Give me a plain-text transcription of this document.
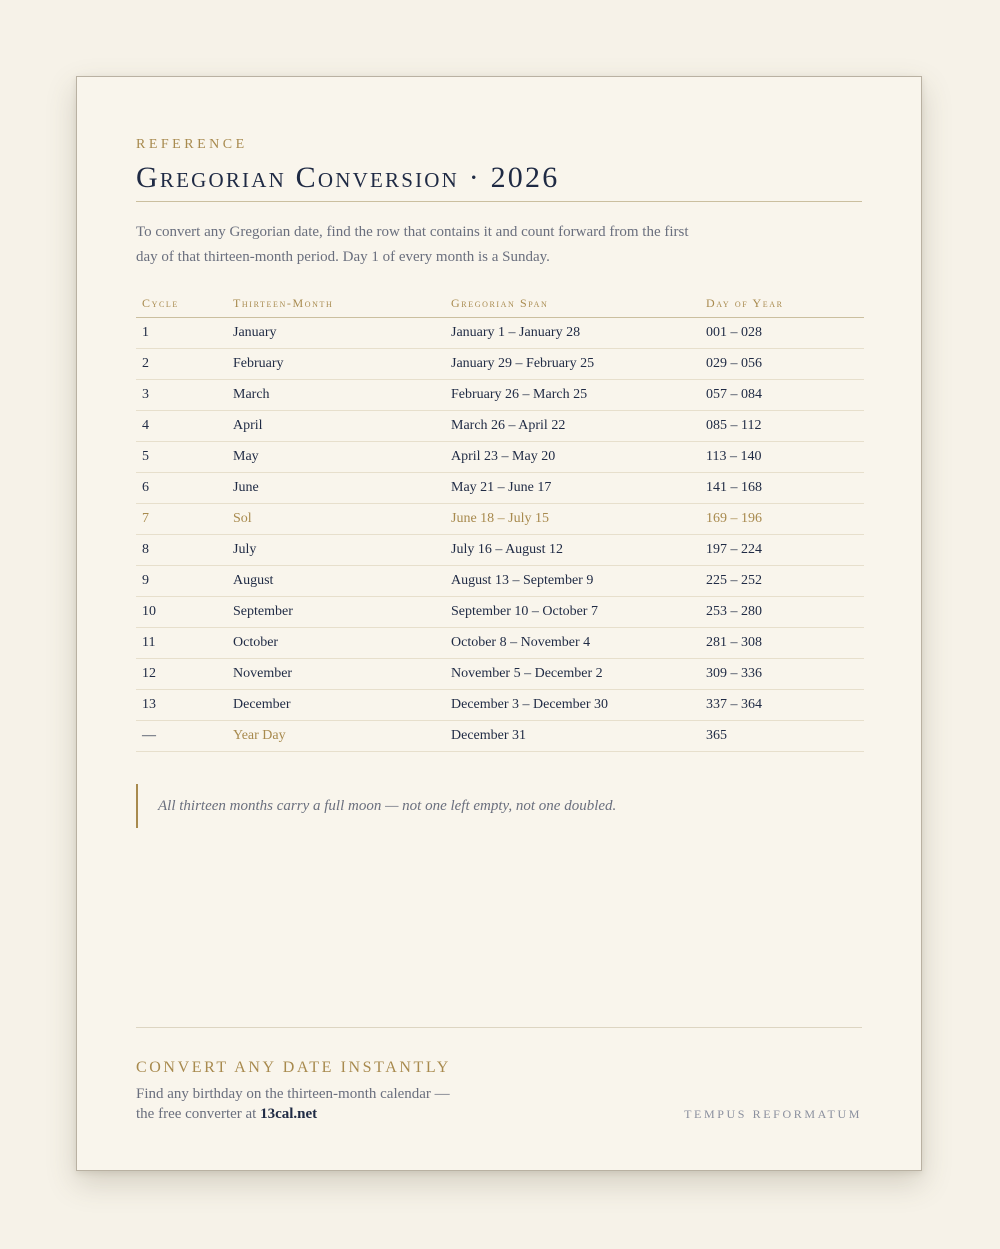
REFERENCE
Gregorian Conversion · 2026
To convert any Gregorian date, find the row that contains it and count forward from the first
day of that thirteen-month period. Day 1 of every month is a Sunday.
Cycle	Thirteen-Month	Gregorian Span	Day of Year
1	January	January 1 – January 28	001 – 028
2	February	January 29 – February 25	029 – 056
3	March	February 26 – March 25	057 – 084
4	April	March 26 – April 22	085 – 112
5	May	April 23 – May 20	113 – 140
6	June	May 21 – June 17	141 – 168
7	Sol	June 18 – July 15	169 – 196
8	July	July 16 – August 12	197 – 224
9	August	August 13 – September 9	225 – 252
10	September	September 10 – October 7	253 – 280
11	October	October 8 – November 4	281 – 308
12	November	November 5 – December 2	309 – 336
13	December	December 3 – December 30	337 – 364
—	Year Day	December 31	365
All thirteen months carry a full moon — not one left empty, not one doubled.
CONVERT ANY DATE INSTANTLY
Find any birthday on the thirteen-month calendar —
the free converter at 13cal.net	TEMPUS REFORMATUM
